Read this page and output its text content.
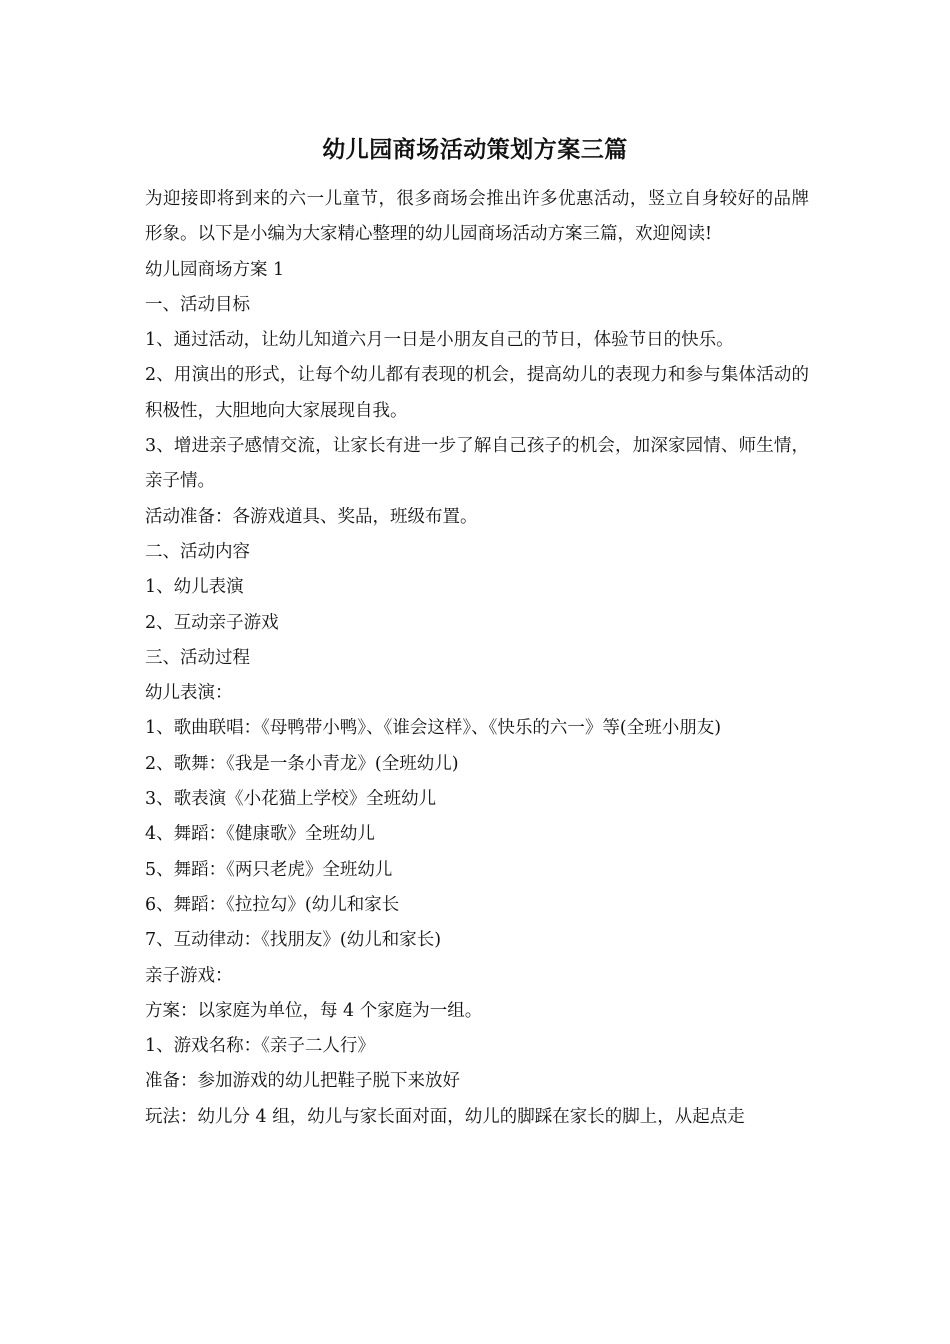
幼儿园商场活动策划方案三篇

为迎接即将到来的六一儿童节，很多商场会推出许多优惠活动，竖立自身较好的品牌形象。以下是小编为大家精心整理的幼儿园商场活动方案三篇，欢迎阅读!

幼儿园商场方案 1

一、活动目标

1、通过活动，让幼儿知道六月一日是小朋友自己的节日，体验节日的快乐。

2、用演出的形式，让每个幼儿都有表现的机会，提高幼儿的表现力和参与集体活动的积极性，大胆地向大家展现自我。

3、增进亲子感情交流，让家长有进一步了解自己孩子的机会，加深家园情、师生情，亲子情。

活动准备：各游戏道具、奖品，班级布置。

二、活动内容

1、幼儿表演

2、互动亲子游戏

三、活动过程

幼儿表演：

1、歌曲联唱：《母鸭带小鸭》、《谁会这样》、《快乐的六一》等(全班小朋友)

2、歌舞：《我是一条小青龙》(全班幼儿)

3、歌表演《小花猫上学校》全班幼儿

4、舞蹈：《健康歌》全班幼儿

5、舞蹈：《两只老虎》全班幼儿

6、舞蹈：《拉拉勾》(幼儿和家长

7、互动律动：《找朋友》(幼儿和家长)

亲子游戏：

方案：以家庭为单位，每 4 个家庭为一组。

1、游戏名称：《亲子二人行》

准备：参加游戏的幼儿把鞋子脱下来放好

玩法：幼儿分 4 组，幼儿与家长面对面，幼儿的脚踩在家长的脚上，从起点走
